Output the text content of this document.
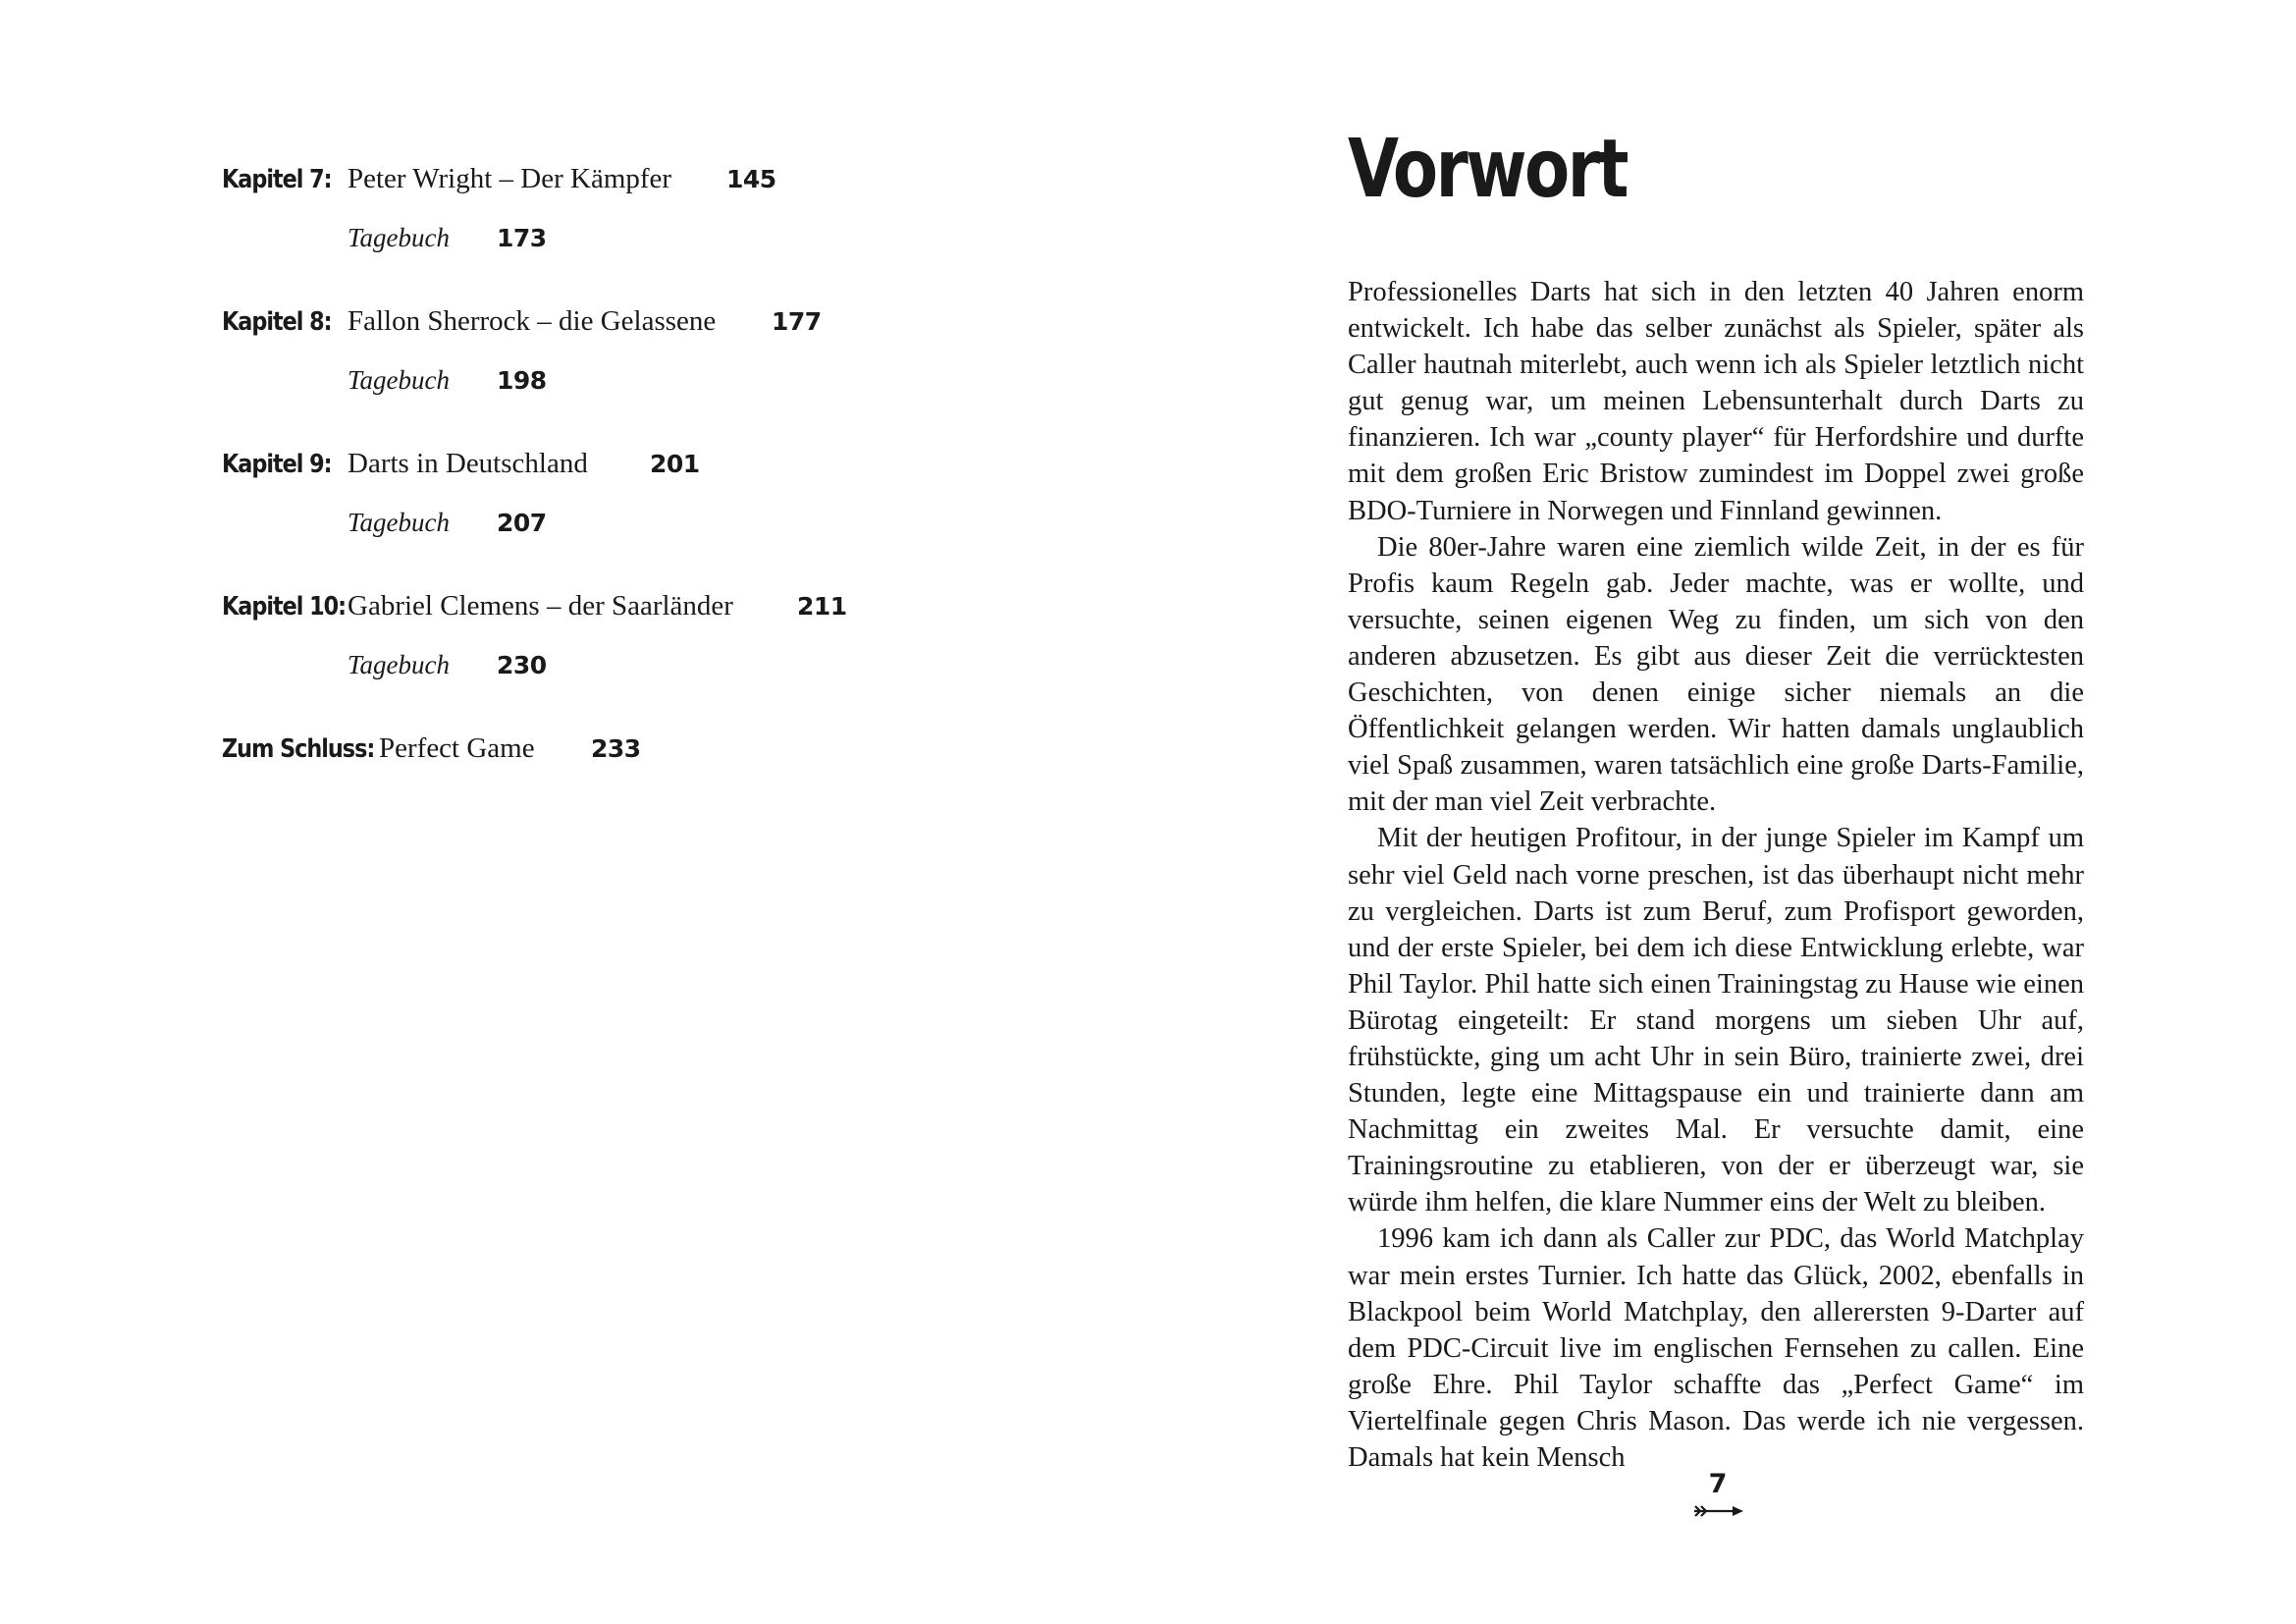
Kapitel 7: Peter Wright – Der Kämpfer 145
Tagebuch 173
Kapitel 8: Fallon Sherrock – die Gelassene 177
Tagebuch 198
Kapitel 9: Darts in Deutschland	201
Tagebuch 207
Kapitel 10:Gabriel Clemens – der Saarländer	211
Tagebuch 230
Zum Schluss: Perfect Game 233
Vorwort

Professionelles Darts hat sich in den letzten 40 Jahren enorm entwickelt. Ich habe das selber zunächst als Spieler, später als Caller hautnah miterlebt, auch wenn ich als Spieler letztlich nicht gut genug war, um meinen Lebensunterhalt durch Darts zu finanzieren. Ich war „county player“ für Herfordshire und durfte mit dem großen Eric Bristow zumindest im Doppel zwei große BDO-Turniere in Norwegen und Finnland gewinnen.

Die 80er-Jahre waren eine ziemlich wilde Zeit, in der es für Profis kaum Regeln gab. Jeder machte, was er wollte, und versuchte, seinen eigenen Weg zu finden, um sich von den anderen abzusetzen. Es gibt aus dieser Zeit die verrücktesten Geschichten, von denen einige sicher niemals an die Öffentlichkeit gelangen werden. Wir hatten damals unglaublich viel Spaß zusammen, waren tatsächlich eine große Darts-Familie, mit der man viel Zeit verbrachte.

Mit der heutigen Profitour, in der junge Spieler im Kampf um sehr viel Geld nach vorne preschen, ist das überhaupt nicht mehr zu vergleichen. Darts ist zum Beruf, zum Profisport geworden, und der erste Spieler, bei dem ich diese Entwicklung erlebte, war Phil Taylor. Phil hatte sich einen Trainingstag zu Hause wie einen Bürotag eingeteilt: Er stand morgens um sieben Uhr auf, frühstückte, ging um acht Uhr in sein Büro, trainierte zwei, drei Stunden, legte eine Mittagspause ein und trainierte dann am Nachmittag ein zweites Mal. Er versuchte damit, eine Trainingsroutine zu etablieren, von der er überzeugt war, sie würde ihm helfen, die klare Nummer eins der Welt zu bleiben.

1996 kam ich dann als Caller zur PDC, das World Matchplay war mein erstes Turnier. Ich hatte das Glück, 2002, ebenfalls in Blackpool beim World Matchplay, den allerersten 9-Darter auf dem PDC-Circuit live im englischen Fernsehen zu callen. Eine große Ehre. Phil Taylor schaffte das „Perfect Game“ im Viertelfinale gegen Chris Mason. Das werde ich nie vergessen. Damals hat kein Mensch

7
